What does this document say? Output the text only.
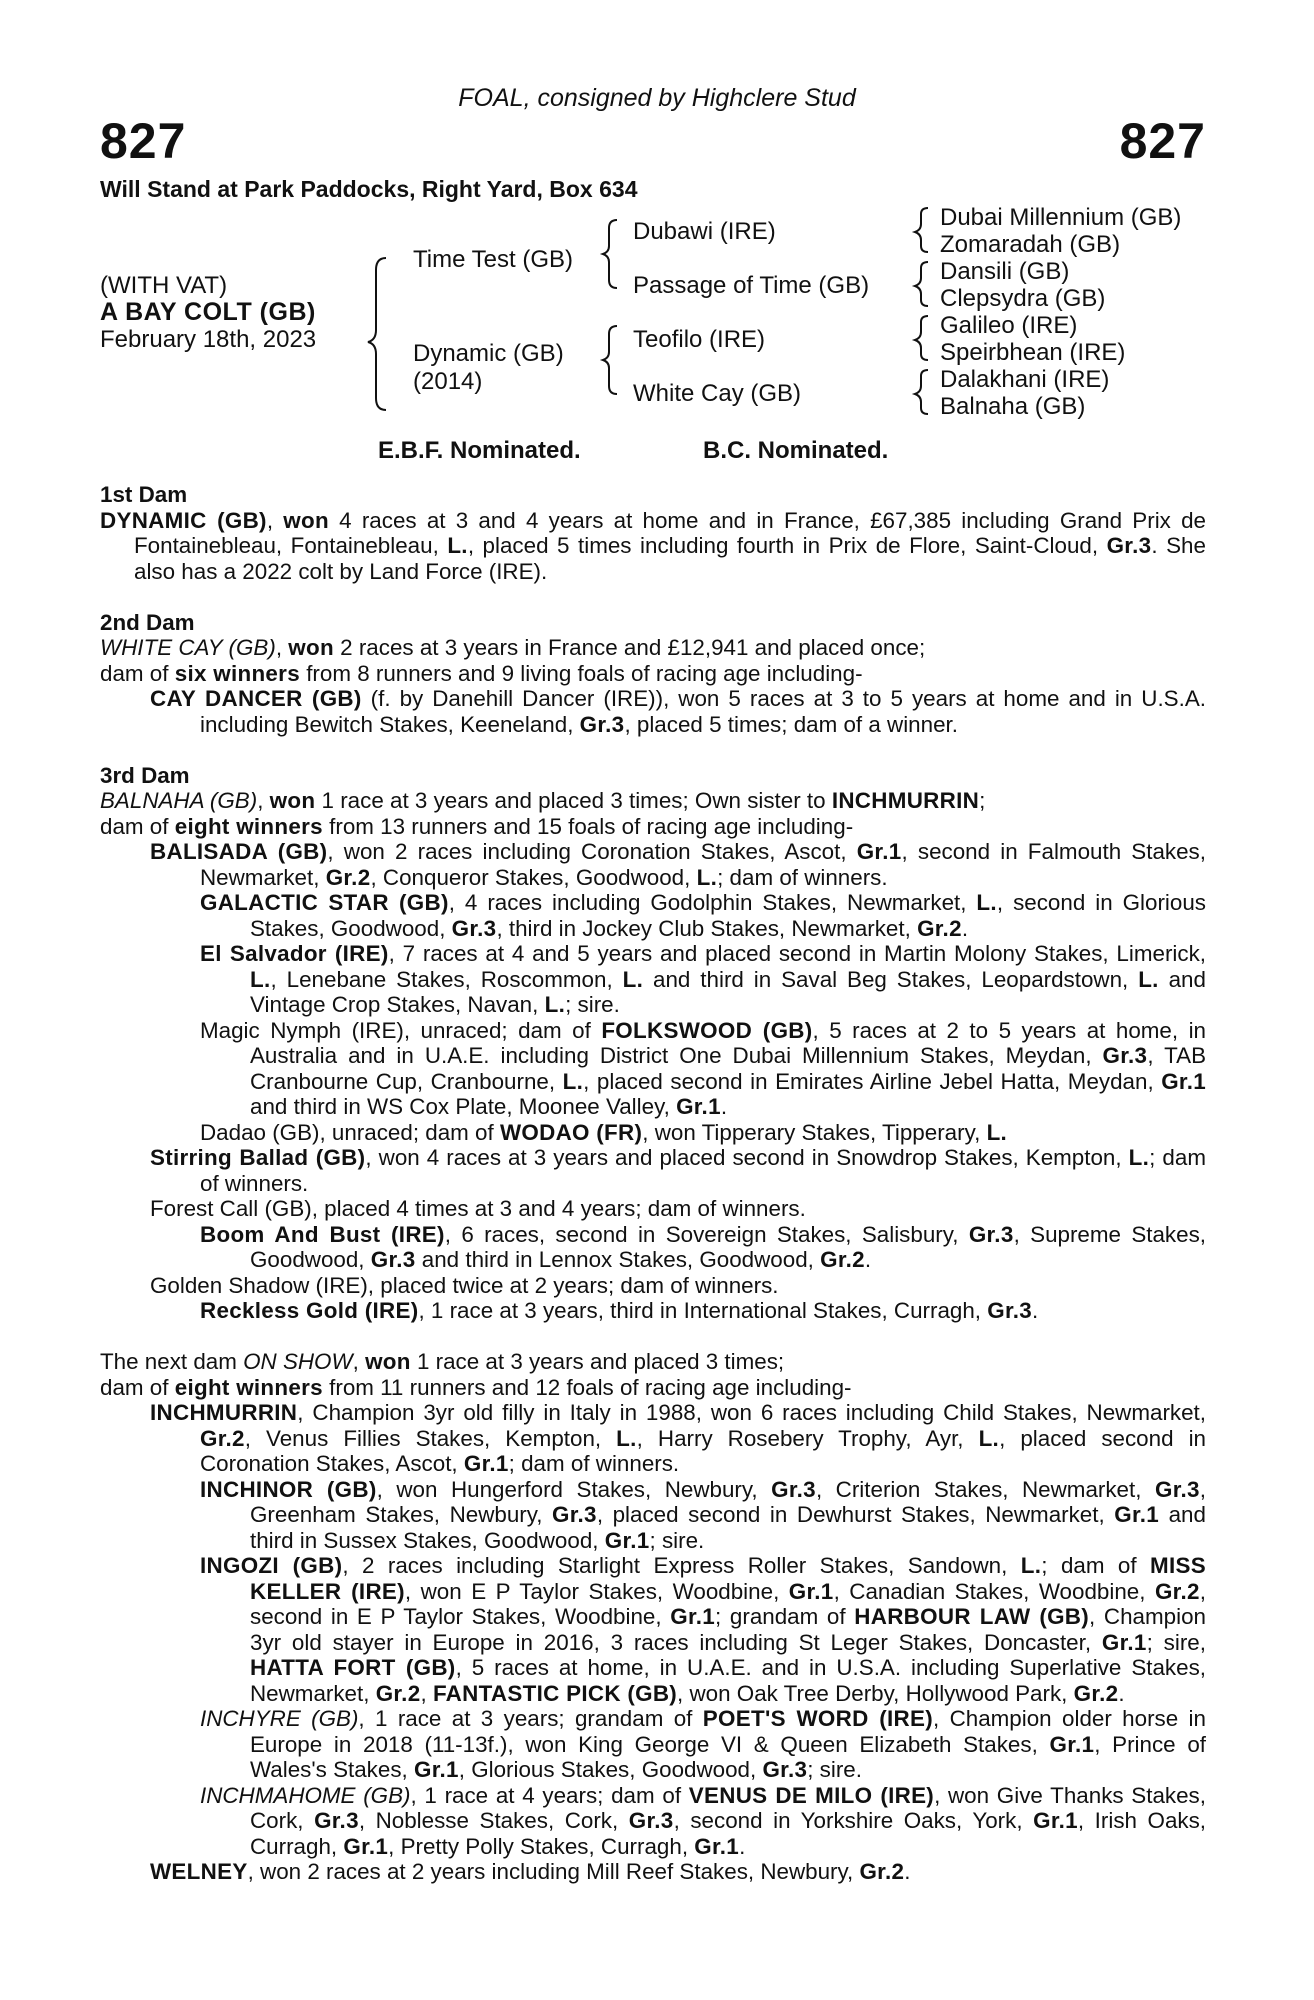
FOAL, consigned by Highclere Stud
827	827
Will Stand at Park Paddocks, Right Yard, Box 634
(WITH VAT)
A BAY COLT (GB)
February 18th, 2023
Time Test (GB)
Dynamic (GB)
(2014)
Dubawi (IRE)
Passage of Time (GB)
Teofilo (IRE)
White Cay (GB)
Dubai Millennium (GB)
Zomaradah (GB)
Dansili (GB)
Clepsydra (GB)
Galileo (IRE)
Speirbhean (IRE)
Dalakhani (IRE)
Balnaha (GB)
E.B.F. Nominated.	B.C. Nominated.

1st Dam

DYNAMIC (GB), won 4 races at 3 and 4 years at home and in France, £67,385 including Grand Prix de Fontainebleau, Fontainebleau, L., placed 5 times including fourth in Prix de Flore, Saint-Cloud, Gr.3. She also has a 2022 colt by Land Force (IRE).

2nd Dam

WHITE CAY (GB), won 2 races at 3 years in France and £12,941 and placed once;

dam of six winners from 8 runners and 9 living foals of racing age including-

CAY DANCER (GB) (f. by Danehill Dancer (IRE)), won 5 races at 3 to 5 years at home and in U.S.A. including Bewitch Stakes, Keeneland, Gr.3, placed 5 times; dam of a winner.

3rd Dam

BALNAHA (GB), won 1 race at 3 years and placed 3 times; Own sister to INCHMURRIN;

dam of eight winners from 13 runners and 15 foals of racing age including-

BALISADA (GB), won 2 races including Coronation Stakes, Ascot, Gr.1, second in Falmouth Stakes, Newmarket, Gr.2, Conqueror Stakes, Goodwood, L.; dam of winners.

GALACTIC STAR (GB), 4 races including Godolphin Stakes, Newmarket, L., second in Glorious Stakes, Goodwood, Gr.3, third in Jockey Club Stakes, Newmarket, Gr.2.

El Salvador (IRE), 7 races at 4 and 5 years and placed second in Martin Molony Stakes, Limerick, L., Lenebane Stakes, Roscommon, L. and third in Saval Beg Stakes, Leopardstown, L. and Vintage Crop Stakes, Navan, L.; sire.

Magic Nymph (IRE), unraced; dam of FOLKSWOOD (GB), 5 races at 2 to 5 years at home, in Australia and in U.A.E. including District One Dubai Millennium Stakes, Meydan, Gr.3, TAB Cranbourne Cup, Cranbourne, L., placed second in Emirates Airline Jebel Hatta, Meydan, Gr.1 and third in WS Cox Plate, Moonee Valley, Gr.1.

Dadao (GB), unraced; dam of WODAO (FR), won Tipperary Stakes, Tipperary, L.

Stirring Ballad (GB), won 4 races at 3 years and placed second in Snowdrop Stakes, Kempton, L.; dam of winners.

Forest Call (GB), placed 4 times at 3 and 4 years; dam of winners.

Boom And Bust (IRE), 6 races, second in Sovereign Stakes, Salisbury, Gr.3, Supreme Stakes, Goodwood, Gr.3 and third in Lennox Stakes, Goodwood, Gr.2.

Golden Shadow (IRE), placed twice at 2 years; dam of winners.

Reckless Gold (IRE), 1 race at 3 years, third in International Stakes, Curragh, Gr.3.

The next dam ON SHOW, won 1 race at 3 years and placed 3 times;

dam of eight winners from 11 runners and 12 foals of racing age including-

INCHMURRIN, Champion 3yr old filly in Italy in 1988, won 6 races including Child Stakes, Newmarket, Gr.2, Venus Fillies Stakes, Kempton, L., Harry Rosebery Trophy, Ayr, L., placed second in Coronation Stakes, Ascot, Gr.1; dam of winners.

INCHINOR (GB), won Hungerford Stakes, Newbury, Gr.3, Criterion Stakes, Newmarket, Gr.3, Greenham Stakes, Newbury, Gr.3, placed second in Dewhurst Stakes, Newmarket, Gr.1 and third in Sussex Stakes, Goodwood, Gr.1; sire.

INGOZI (GB), 2 races including Starlight Express Roller Stakes, Sandown, L.; dam of MISS KELLER (IRE), won E P Taylor Stakes, Woodbine, Gr.1, Canadian Stakes, Woodbine, Gr.2, second in E P Taylor Stakes, Woodbine, Gr.1; grandam of HARBOUR LAW (GB), Champion 3yr old stayer in Europe in 2016, 3 races including St Leger Stakes, Doncaster, Gr.1; sire, HATTA FORT (GB), 5 races at home, in U.A.E. and in U.S.A. including Superlative Stakes, Newmarket, Gr.2, FANTASTIC PICK (GB), won Oak Tree Derby, Hollywood Park, Gr.2.

INCHYRE (GB), 1 race at 3 years; grandam of POET'S WORD (IRE), Champion older horse in Europe in 2018 (11-13f.), won King George VI & Queen Elizabeth Stakes, Gr.1, Prince of Wales's Stakes, Gr.1, Glorious Stakes, Goodwood, Gr.3; sire.

INCHMAHOME (GB), 1 race at 4 years; dam of VENUS DE MILO (IRE), won Give Thanks Stakes, Cork, Gr.3, Noblesse Stakes, Cork, Gr.3, second in Yorkshire Oaks, York, Gr.1, Irish Oaks, Curragh, Gr.1, Pretty Polly Stakes, Curragh, Gr.1.

WELNEY, won 2 races at 2 years including Mill Reef Stakes, Newbury, Gr.2.
